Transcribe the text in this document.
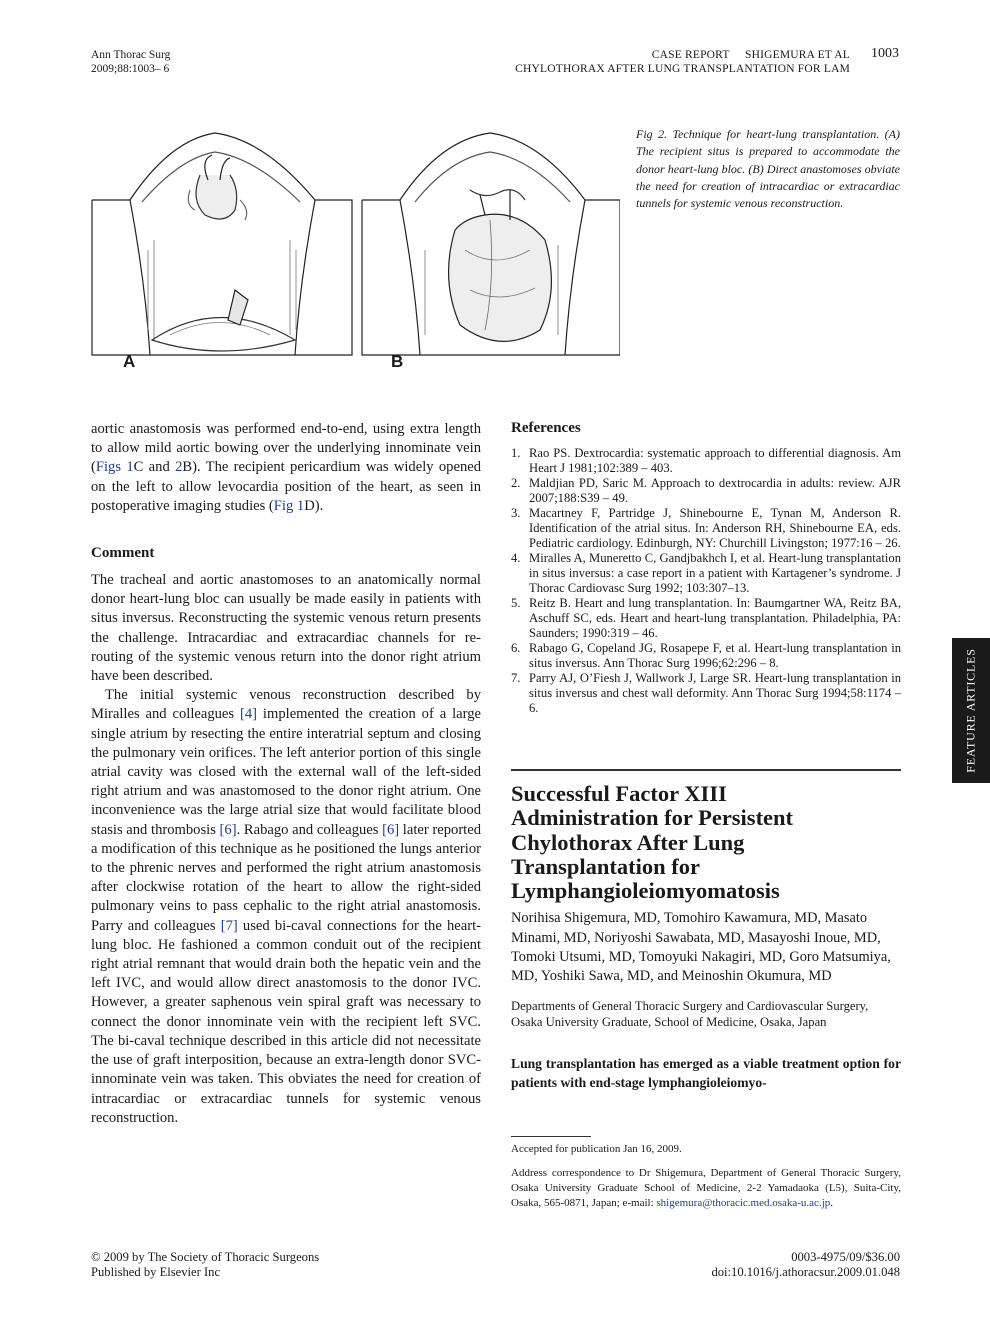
Ann Thorac Surg
2009;88:1003– 6
CASE REPORT SHIGEMURA ET AL
CHYLOTHORAX AFTER LUNG TRANSPLANTATION FOR LAM
1003
A	B
Fig 2. Technique for heart-lung transplantation. (A) The recipient situs is prepared to accommodate the donor heart-lung bloc. (B) Direct anastomoses obviate the need for creation of intracardiac or extracardiac tunnels for systemic venous reconstruction.

aortic anastomosis was performed end-to-end, using extra length to allow mild aortic bowing over the underlying innominate vein (Figs 1C and 2B). The recipient pericardium was widely opened on the left to allow levocardia position of the heart, as seen in postoperative imaging studies (Fig 1D).

Comment

The tracheal and aortic anastomoses to an anatomically normal donor heart-lung bloc can usually be made easily in patients with situs inversus. Reconstructing the systemic venous return presents the challenge. Intracardiac and extracardiac channels for re-routing of the systemic venous return into the donor right atrium have been described.

The initial systemic venous reconstruction described by Miralles and colleagues [4] implemented the creation of a large single atrium by resecting the entire interatrial septum and closing the pulmonary vein orifices. The left anterior portion of this single atrial cavity was closed with the external wall of the left-sided right atrium and was anastomosed to the donor right atrium. One inconvenience was the large atrial size that would facilitate blood stasis and thrombosis [6]. Rabago and colleagues [6] later reported a modification of this technique as he positioned the lungs anterior to the phrenic nerves and performed the right atrium anastomosis after clockwise rotation of the heart to allow the right-sided pulmonary veins to pass cephalic to the right atrial anastomosis. Parry and colleagues [7] used bi-caval connections for the heart-lung bloc. He fashioned a common conduit out of the recipient right atrial remnant that would drain both the hepatic vein and the left IVC, and would allow direct anastomosis to the donor IVC. However, a greater saphenous vein spiral graft was necessary to connect the donor innominate vein with the recipient left SVC. The bi-caval technique described in this article did not necessitate the use of graft interposition, because an extra-length donor SVC-innominate vein was taken. This obviates the need for creation of intracardiac or extracardiac tunnels for systemic venous reconstruction.

References
1. Rao PS. Dextrocardia: systematic approach to differential diagnosis. Am Heart J 1981;102:389 – 403.
2. Maldjian PD, Saric M. Approach to dextrocardia in adults: review. AJR 2007;188:S39 – 49.
3. Macartney F, Partridge J, Shinebourne E, Tynan M, Anderson R. Identification of the atrial situs. In: Anderson RH, Shinebourne EA, eds. Pediatric cardiology. Edinburgh, NY: Churchill Livingston; 1977:16 – 26.
4. Miralles A, Muneretto C, Gandjbakhch I, et al. Heart-lung transplantation in situs inversus: a case report in a patient with Kartagener’s syndrome. J Thorac Cardiovasc Surg 1992; 103:307–13.
5. Reitz B. Heart and lung transplantation. In: Baumgartner WA, Reitz BA, Aschuff SC, eds. Heart and heart-lung transplantation. Philadelphia, PA: Saunders; 1990:319 – 46.
6. Rabago G, Copeland JG, Rosapepe F, et al. Heart-lung transplantation in situs inversus. Ann Thorac Surg 1996;62:296 – 8.
7. Parry AJ, O’Fiesh J, Wallwork J, Large SR. Heart-lung transplantation in situs inversus and chest wall deformity. Ann Thorac Surg 1994;58:1174 – 6.
Successful Factor XIII Administration for Persistent Chylothorax After Lung Transplantation for Lymphangioleiomyomatosis
Norihisa Shigemura, MD, Tomohiro Kawamura, MD, Masato Minami, MD, Noriyoshi Sawabata, MD, Masayoshi Inoue, MD, Tomoki Utsumi, MD, Tomoyuki Nakagiri, MD, Goro Matsumiya, MD, Yoshiki Sawa, MD, and Meinoshin Okumura, MD
Departments of General Thoracic Surgery and Cardiovascular Surgery, Osaka University Graduate, School of Medicine, Osaka, Japan
Lung transplantation has emerged as a viable treatment option for patients with end-stage lymphangioleiomyo-
Accepted for publication Jan 16, 2009.
Address correspondence to Dr Shigemura, Department of General Thoracic Surgery, Osaka University Graduate School of Medicine, 2-2 Yamadaoka (L5), Suita-City, Osaka, 565-0871, Japan; e-mail: shigemura@thoracic.med.osaka-u.ac.jp.
FEATURE ARTICLES
© 2009 by The Society of Thoracic Surgeons
Published by Elsevier Inc
0003-4975/09/$36.00
doi:10.1016/j.athoracsur.2009.01.048
